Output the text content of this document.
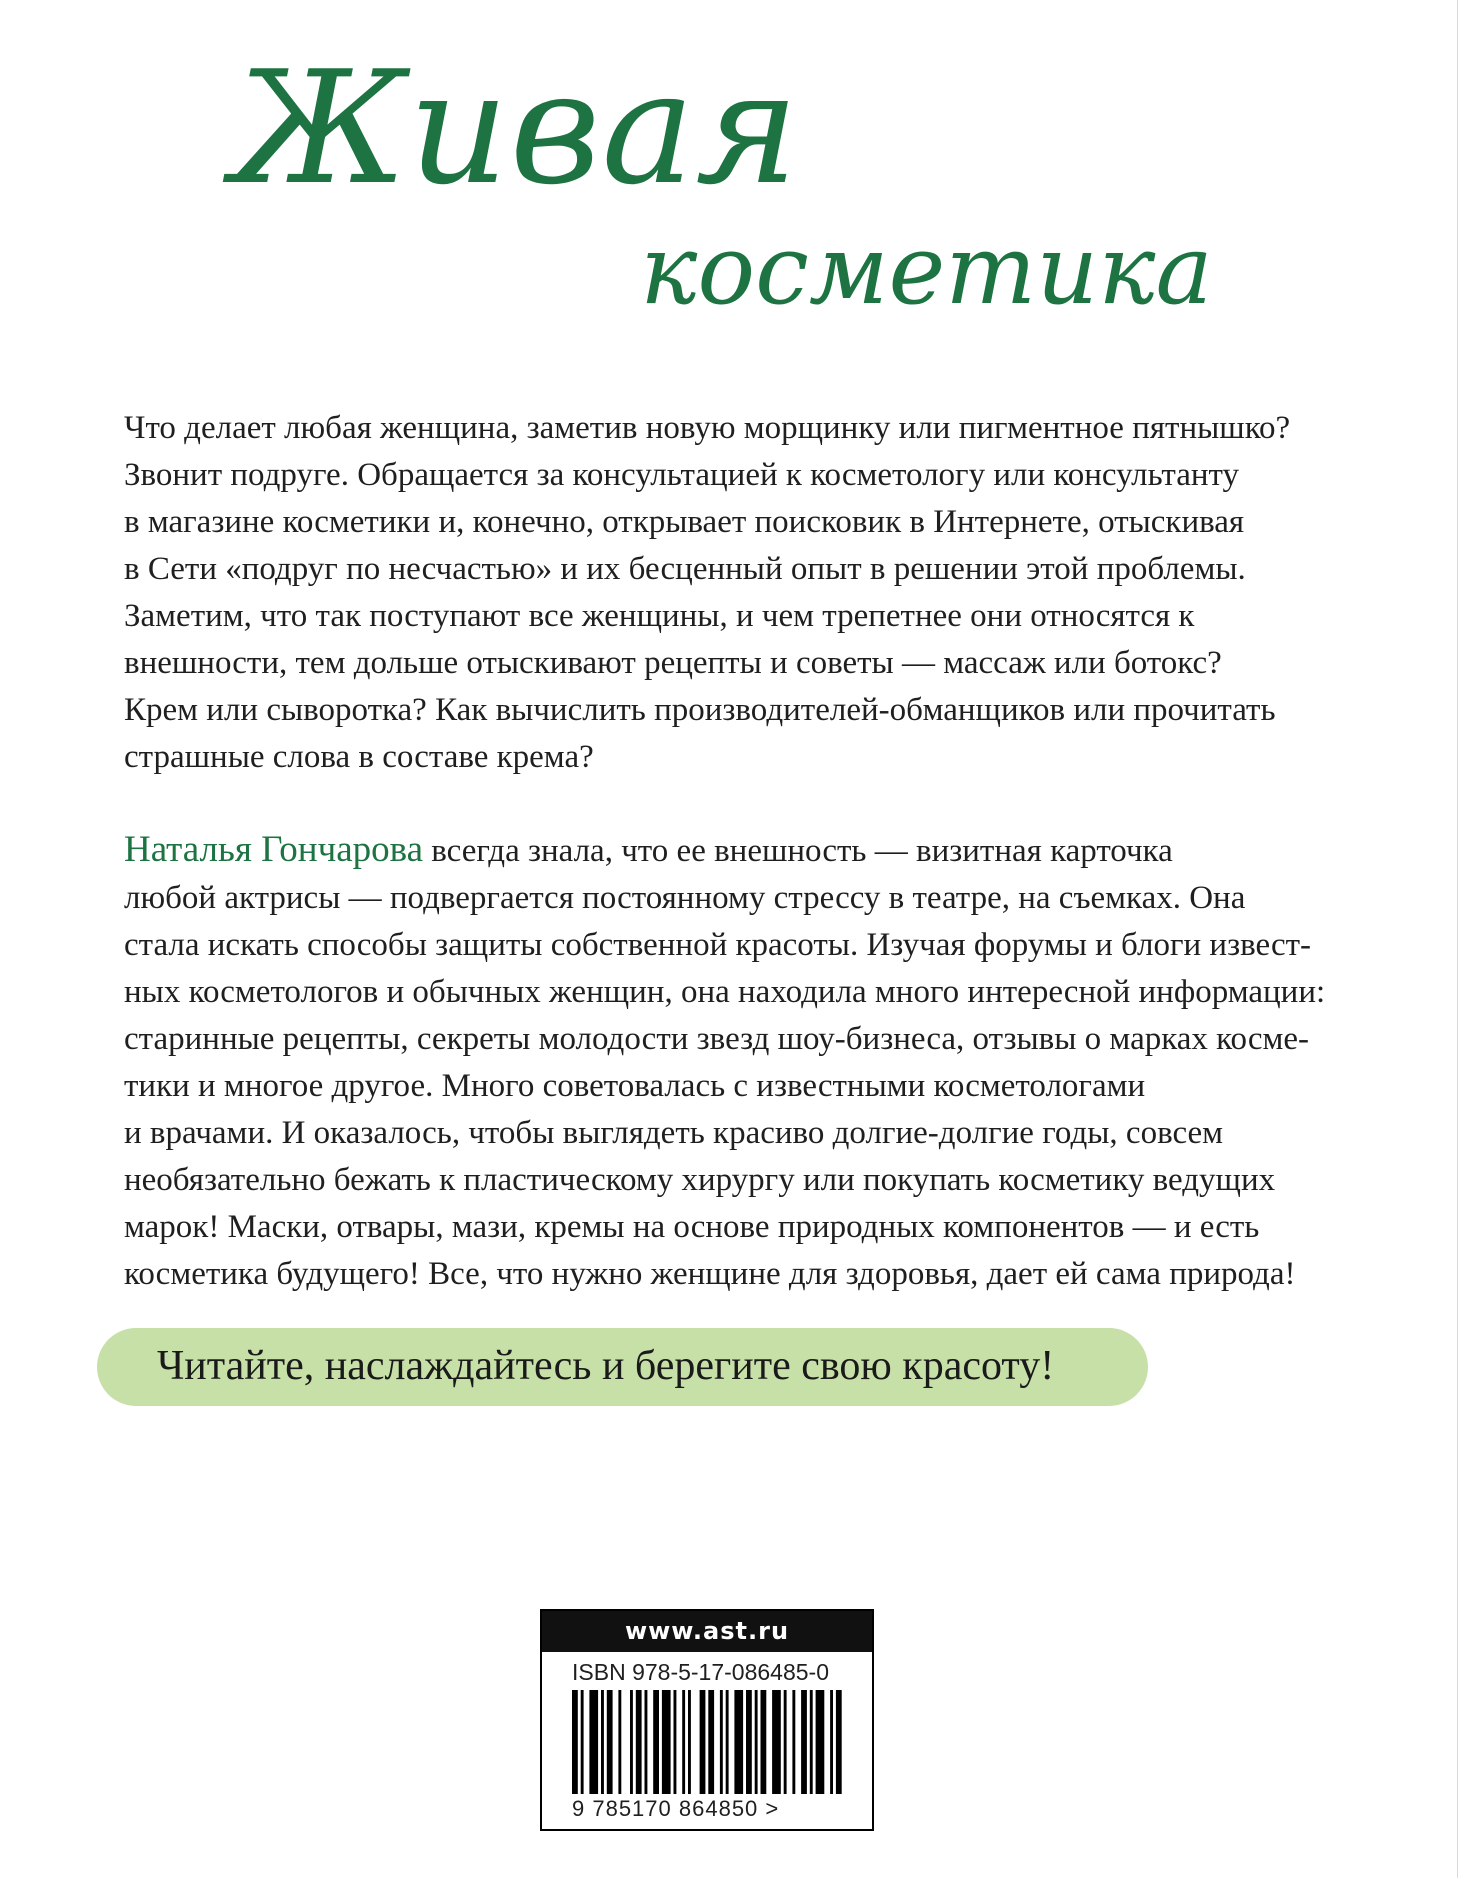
Живая
косметика

Что делает любая женщина, заметив новую морщинку или пигментное пятнышко?
Звонит подруге. Обращается за консультацией к косметологу или консультанту
в магазине косметики и, конечно, открывает поисковик в Интернете, отыскивая
в Сети «подруг по несчастью» и их бесценный опыт в решении этой проблемы.
Заметим, что так поступают все женщины, и чем трепетнее они относятся к
внешности, тем дольше отыскивают рецепты и советы — массаж или ботокс?
Крем или сыворотка? Как вычислить производителей-обманщиков или прочитать
страшные слова в составе крема?

Наталья Гончарова всегда знала, что ее внешность — визитная карточка
любой актрисы — подвергается постоянному стрессу в театре, на съемках. Она
стала искать способы защиты собственной красоты. Изучая форумы и блоги извест-
ных косметологов и обычных женщин, она находила много интересной информации:
старинные рецепты, секреты молодости звезд шоу-бизнеса, отзывы о марках косме-
тики и многое другое. Много советовалась с известными косметологами
и врачами. И оказалось, чтобы выглядеть красиво долгие-долгие годы, совсем
необязательно бежать к пластическому хирургу или покупать косметику ведущих
марок! Маски, отвары, мази, кремы на основе природных компонентов — и есть
косметика будущего! Все, что нужно женщине для здоровья, дает ей сама природа!

Читайте, наслаждайтесь и берегите свою красоту!
www.ast.ru
ISBN 978-5-17-086485-0
9 785170 864850 >
